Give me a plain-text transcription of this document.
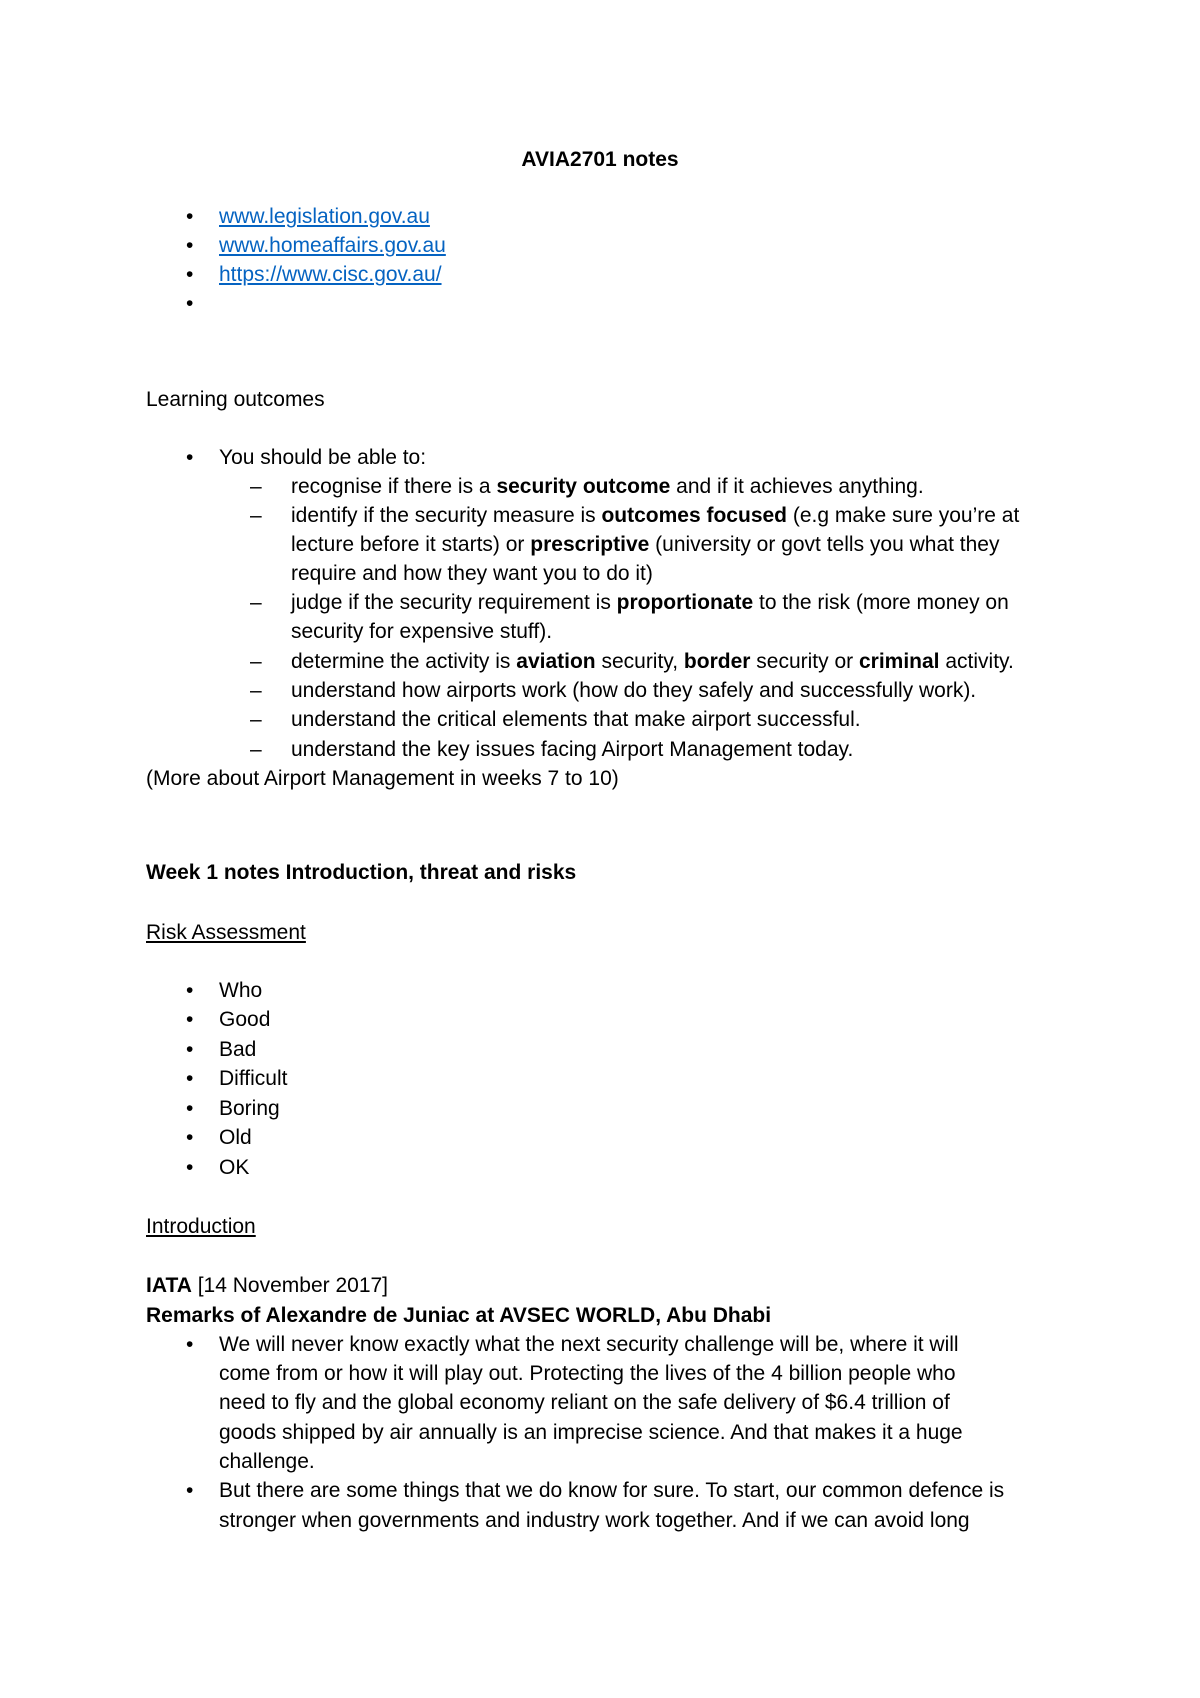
AVIA2701 notes
• www.legislation.gov.au
• www.homeaffairs.gov.au
• https://www.cisc.gov.au/
•
Learning outcomes
• You should be able to:
– recognise if there is a security outcome and if it achieves anything.
– identify if the security measure is outcomes focused (e.g make sure you’re at
lecture before it starts) or prescriptive (university or govt tells you what they
require and how they want you to do it)
– judge if the security requirement is proportionate to the risk (more money on
security for expensive stuff).
– determine the activity is aviation security, border security or criminal activity.
– understand how airports work (how do they safely and successfully work).
– understand the critical elements that make airport successful.
– understand the key issues facing Airport Management today.
(More about Airport Management in weeks 7 to 10)
Week 1 notes Introduction, threat and risks
Risk Assessment
• Who
• Good
• Bad
• Difficult
• Boring
• Old
• OK
Introduction
IATA [14 November 2017]
Remarks of Alexandre de Juniac at AVSEC WORLD, Abu Dhabi
• We will never know exactly what the next security challenge will be, where it will
come from or how it will play out. Protecting the lives of the 4 billion people who
need to fly and the global economy reliant on the safe delivery of $6.4 trillion of
goods shipped by air annually is an imprecise science. And that makes it a huge
challenge.
• But there are some things that we do know for sure. To start, our common defence is
stronger when governments and industry work together. And if we can avoid long
